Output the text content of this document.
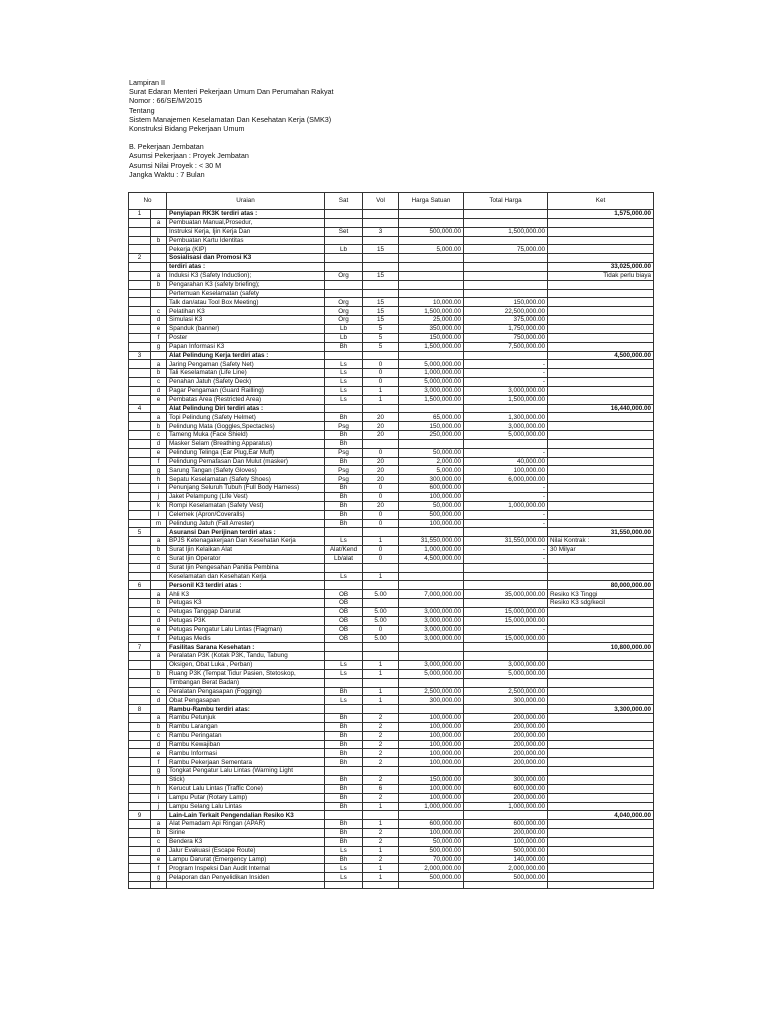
Lampiran II
Surat Edaran Menteri Pekerjaan Umum Dan Perumahan Rakyat
Nomor : 66/SE/M/2015
Tentang
Sistem Manajemen Keselamatan Dan Kesehatan Kerja (SMK3)
Konstruksi Bidang Pekerjaan Umum
B. Pekerjaan Jembatan
Asumsi Pekerjaan : Proyek Jembatan
Asumsi Nilai Proyek : < 30 M
Jangka Waktu : 7 Bulan
No		Uraian	Sat	Vol	Harga Satuan	Total Harga	Ket
1		Penyiapan RK3K terdiri atas :					1,575,000.00
	a	Pembuatan Manual,Prosedur,					
		Instruksi Kerja, Ijin Kerja Dan	Set	3	500,000.00	1,500,000.00	
	b	Pembuatan Kartu Identitas					
		Pekerja (KIP)	Lb	15	5,000.00	75,000.00	
2		Sosialisasi dan Promosi K3					
		terdiri atas :					33,025,000.00
	a	Induksi K3 (Safety Induction);	Org	15			Tidak perlu biaya
	b	Pengarahan K3 (safety briefing);					
		Pertemuan Keselamatan (safety					
		Talk dan/atau Tool Box Meeting)	Org	15	10,000.00	150,000.00	
	c	Pelatihan K3	Org	15	1,500,000.00	22,500,000.00	
	d	Simulasi K3	Org	15	25,000.00	375,000.00	
	e	Spanduk (banner)	Lb	5	350,000.00	1,750,000.00	
	f	Poster	Lb	5	150,000.00	750,000.00	
	g	Papan Informasi K3	Bh	5	1,500,000.00	7,500,000.00	
3		Alat Pelindung Kerja terdiri atas :					4,500,000.00
	a	Jaring Pengaman (Safety Net)	Ls	0	5,000,000.00	-	
	b	Tali Keselamatan (Life Line)	Ls	0	1,000,000.00	-	
	c	Penahan Jatuh (Safety Deck)	Ls	0	5,000,000.00	-	
	d	Pagar Pengaman (Guard Railling)	Ls	1	3,000,000.00	3,000,000.00	
	e	Pembatas Area (Restricted Area)	Ls	1	1,500,000.00	1,500,000.00	
4		Alat Pelindung Diri terdiri atas :					16,440,000.00
	a	Topi Pelindung (Safety Helmet)	Bh	20	65,000.00	1,300,000.00	
	b	Pelindung Mata (Goggles,Spectacles)	Psg	20	150,000.00	3,000,000.00	
	c	Tameng Muka (Face Shield)	Bh	20	250,000.00	5,000,000.00	
	d	Masker Selam (Breathing Apparatus)	Bh				
	e	Pelindung Telinga (Ear Plug,Ear Muff)	Psg	0	50,000.00	-	
	f	Pelindung Pernafasan Dan Mulut (masker)	Bh	20	2,000.00	40,000.00	
	g	Sarung Tangan (Safety Gloves)	Psg	20	5,000.00	100,000.00	
	h	Sepatu Keselamatan (Safety Shoes)	Psg	20	300,000.00	6,000,000.00	
	i	Penunjang Seluruh Tubuh (Full Body Harness)	Bh	0	600,000.00	-	
	j	Jaket Pelampung (Life Vest)	Bh	0	100,000.00	-	
	k	Rompi Keselamatan (Safety Vest)	Bh	20	50,000.00	1,000,000.00	
	l	Celemek (Apron/Coveralls)	Bh	0	500,000.00	-	
	m	Pelindung Jatuh (Fall Arrester)	Bh	0	100,000.00	-	
5		Asuransi Dan Perijinan terdiri atas :					31,550,000.00
	a	BPJS Ketenagakerjaan Dan Kesehatan Kerja	Ls	1	31,550,000.00	31,550,000.00	Nilai Kontrak :
	b	Surat Ijin Kelaikan Alat	Alat/Kend	0	1,000,000.00	-	30 Milyar
	c	Surat Ijin Operator	Lb/alat	0	4,500,000.00	-	
	d	Surat Ijin Pengesahan Panitia Pembina					
		Keselamatan dan Kesehatan Kerja	Ls	1			
6		Personil K3 terdiri atas :					80,000,000.00
	a	Ahli K3	OB	5.00	7,000,000.00	35,000,000.00	Resiko K3 Tinggi
	b	Petugas K3	OB				Resiko K3 sdg/kecil
	c	Petugas Tanggap Darurat	OB	5.00	3,000,000.00	15,000,000.00	
	d	Petugas P3K	OB	5.00	3,000,000.00	15,000,000.00	
	e	Petugas Pengatur Lalu Lintas (Flagman)	OB	0	3,000,000.00	-	
	f	Petugas Medis	OB	5.00	3,000,000.00	15,000,000.00	
7		Fasilitas Sarana Kesehatan :					10,800,000.00
	a	Peralatan P3K (Kotak P3K, Tandu, Tabung					
		Oksigen, Obat Luka , Perban)	Ls	1	3,000,000.00	3,000,000.00	
	b	Ruang P3K (Tempat Tidur Pasien, Stetoskop,	Ls	1	5,000,000.00	5,000,000.00	
		Timbangan Berat Badan)					
	c	Peralatan Pengasapan (Fogging)	Bh	1	2,500,000.00	2,500,000.00	
	d	Obat Pengasapan	Ls	1	300,000.00	300,000.00	
8		Rambu-Rambu terdiri atas:					3,300,000.00
	a	Rambu Petunjuk	Bh	2	100,000.00	200,000.00	
	b	Rambu Larangan	Bh	2	100,000.00	200,000.00	
	c	Rambu Peringatan	Bh	2	100,000.00	200,000.00	
	d	Rambu Kewajiban	Bh	2	100,000.00	200,000.00	
	e	Rambu Informasi	Bh	2	100,000.00	200,000.00	
	f	Rambu Pekerjaan Sementara	Bh	2	100,000.00	200,000.00	
	g	Tongkat Pengatur Lalu Lintas (Warning Light					
		Stick)	Bh	2	150,000.00	300,000.00	
	h	Kerucut Lalu Lintas (Traffic Cone)	Bh	6	100,000.00	600,000.00	
	i	Lampu Putar (Rotary Lamp)	Bh	2	100,000.00	200,000.00	
	j	Lampu Selang Lalu Lintas	Bh	1	1,000,000.00	1,000,000.00	
9		Lain-Lain Terkait Pengendalian Resiko K3					4,040,000.00
	a	Alat Pemadam Api Ringan (APAR)	Bh	1	600,000.00	600,000.00	
	b	Sirine	Bh	2	100,000.00	200,000.00	
	c	Bendera K3	Bh	2	50,000.00	100,000.00	
	d	Jalur Evakuasi (Escape Route)	Ls	1	500,000.00	500,000.00	
	e	Lampu Darurat (Emergency Lamp)	Bh	2	70,000.00	140,000.00	
	f	Program Inspeksi Dan Audit Internal	Ls	1	2,000,000.00	2,000,000.00	
	g	Pelaporan dan Penyelidikan Insiden	Ls	1	500,000.00	500,000.00	
